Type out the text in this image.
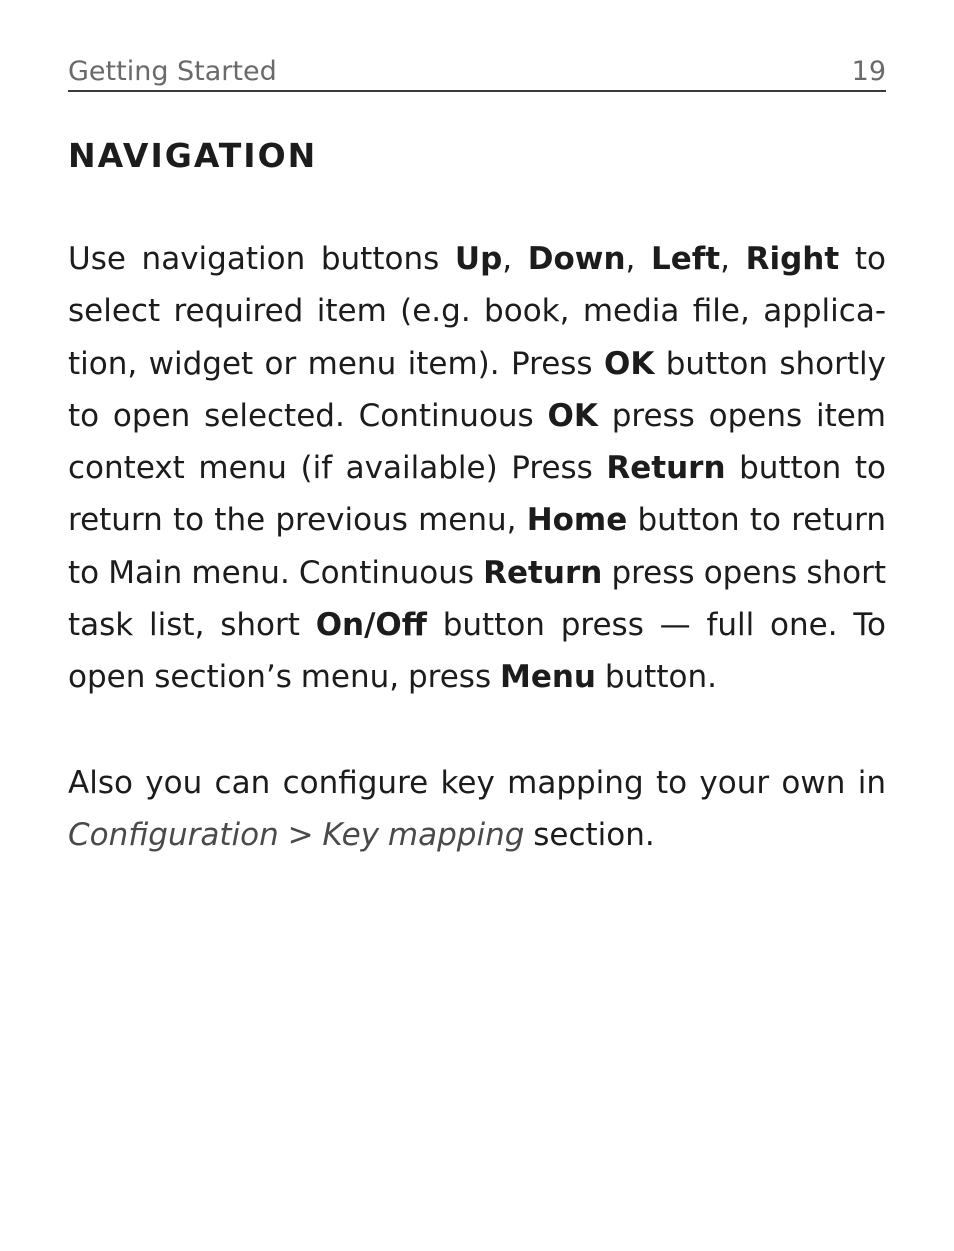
Getting Started	19
NAVIGATION

Use navigation buttons Up, Down, Left, Right to select required item (e.g. book, media file, applica-tion, widget or menu item). Press OK button shortly to open selected. Continuous OK press opens item context menu (if available) Press Return button to return to the previous menu, Home button to return to Main menu. Continuous Return press opens short task list, short On/Off button press — full one. To open section’s menu, press Menu button.

Also you can configure key mapping to your own in Configuration > Key mapping section.
